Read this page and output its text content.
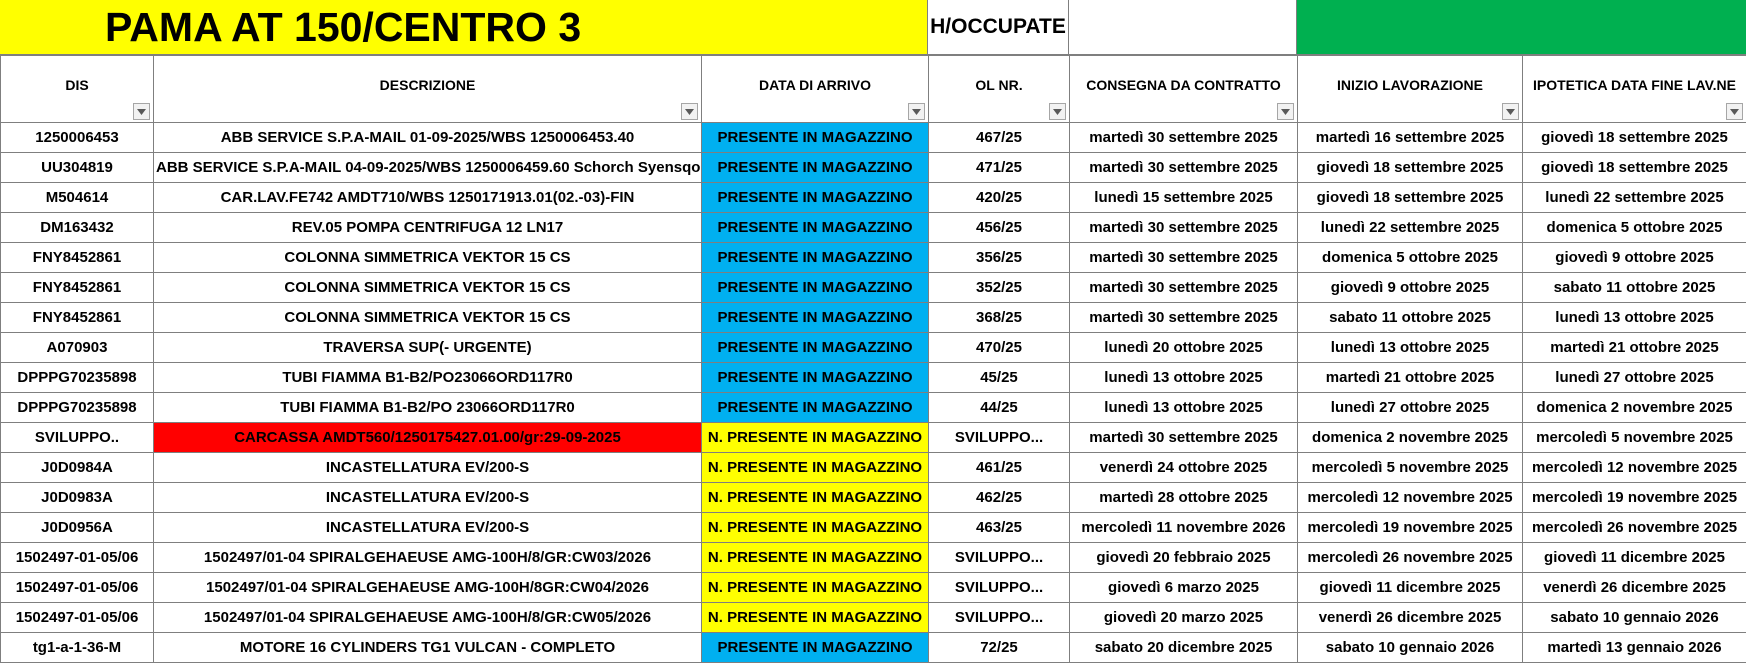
PAMA AT 150/CENTRO 3	H/OCCUPATE
DIS	DESCRIZIONE	DATA DI ARRIVO	OL NR.	CONSEGNA DA CONTRATTO	INIZIO LAVORAZIONE	IPOTETICA DATA FINE LAV.NE

1250006453	ABB SERVICE S.P.A-MAIL 01-09-2025/WBS 1250006453.40	PRESENTE IN MAGAZZINO	467/25	martedì 30 settembre 2025	martedì 16 settembre 2025	giovedì 18 settembre 2025
UU304819	ABB SERVICE S.P.A-MAIL 04-09-2025/WBS 1250006459.60 Schorch Syensqo	PRESENTE IN MAGAZZINO	471/25	martedì 30 settembre 2025	giovedì 18 settembre 2025	giovedì 18 settembre 2025
M504614	CAR.LAV.FE742 AMDT710/WBS 1250171913.01(02.-03)-FIN	PRESENTE IN MAGAZZINO	420/25	lunedì 15 settembre 2025	giovedì 18 settembre 2025	lunedì 22 settembre 2025
DM163432	REV.05 POMPA CENTRIFUGA 12 LN17	PRESENTE IN MAGAZZINO	456/25	martedì 30 settembre 2025	lunedì 22 settembre 2025	domenica 5 ottobre 2025
FNY8452861	COLONNA SIMMETRICA VEKTOR 15 CS	PRESENTE IN MAGAZZINO	356/25	martedì 30 settembre 2025	domenica 5 ottobre 2025	giovedì 9 ottobre 2025
FNY8452861	COLONNA SIMMETRICA VEKTOR 15 CS	PRESENTE IN MAGAZZINO	352/25	martedì 30 settembre 2025	giovedì 9 ottobre 2025	sabato 11 ottobre 2025
FNY8452861	COLONNA SIMMETRICA VEKTOR 15 CS	PRESENTE IN MAGAZZINO	368/25	martedì 30 settembre 2025	sabato 11 ottobre 2025	lunedì 13 ottobre 2025
A070903	TRAVERSA SUP(- URGENTE)	PRESENTE IN MAGAZZINO	470/25	lunedì 20 ottobre 2025	lunedì 13 ottobre 2025	martedì 21 ottobre 2025
DPPPG70235898	TUBI FIAMMA B1-B2/PO23066ORD117R0	PRESENTE IN MAGAZZINO	45/25	lunedì 13 ottobre 2025	martedì 21 ottobre 2025	lunedì 27 ottobre 2025
DPPPG70235898	TUBI FIAMMA B1-B2/PO 23066ORD117R0	PRESENTE IN MAGAZZINO	44/25	lunedì 13 ottobre 2025	lunedì 27 ottobre 2025	domenica 2 novembre 2025
SVILUPPO..	CARCASSA AMDT560/1250175427.01.00/gr:29-09-2025	N. PRESENTE IN MAGAZZINO	SVILUPPO...	martedì 30 settembre 2025	domenica 2 novembre 2025	mercoledì 5 novembre 2025
J0D0984A	INCASTELLATURA EV/200-S	N. PRESENTE IN MAGAZZINO	461/25	venerdì 24 ottobre 2025	mercoledì 5 novembre 2025	mercoledì 12 novembre 2025
J0D0983A	INCASTELLATURA EV/200-S	N. PRESENTE IN MAGAZZINO	462/25	martedì 28 ottobre 2025	mercoledì 12 novembre 2025	mercoledì 19 novembre 2025
J0D0956A	INCASTELLATURA EV/200-S	N. PRESENTE IN MAGAZZINO	463/25	mercoledì 11 novembre 2026	mercoledì 19 novembre 2025	mercoledì 26 novembre 2025
1502497-01-05/06	1502497/01-04 SPIRALGEHAEUSE AMG-100H/8/GR:CW03/2026	N. PRESENTE IN MAGAZZINO	SVILUPPO...	giovedì 20 febbraio 2025	mercoledì 26 novembre 2025	giovedì 11 dicembre 2025
1502497-01-05/06	1502497/01-04 SPIRALGEHAEUSE AMG-100H/8GR:CW04/2026	N. PRESENTE IN MAGAZZINO	SVILUPPO...	giovedì 6 marzo 2025	giovedì 11 dicembre 2025	venerdì 26 dicembre 2025
1502497-01-05/06	1502497/01-04 SPIRALGEHAEUSE AMG-100H/8/GR:CW05/2026	N. PRESENTE IN MAGAZZINO	SVILUPPO...	giovedì 20 marzo 2025	venerdì 26 dicembre 2025	sabato 10 gennaio 2026
tg1-a-1-36-M	MOTORE 16 CYLINDERS TG1 VULCAN - COMPLETO	PRESENTE IN MAGAZZINO	72/25	sabato 20 dicembre 2025	sabato 10 gennaio 2026	martedì 13 gennaio 2026
